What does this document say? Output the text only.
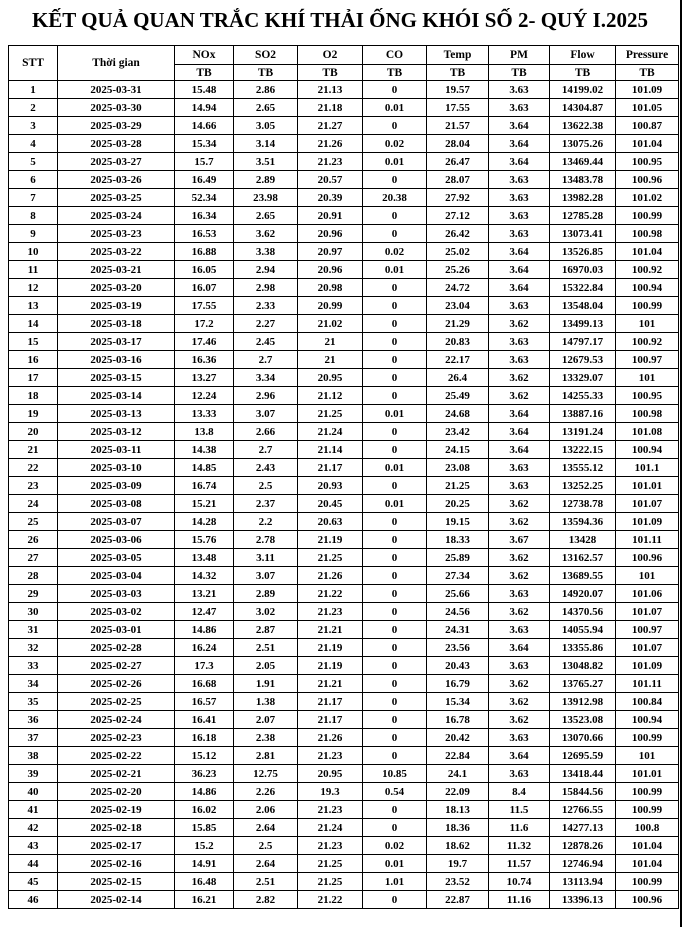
KẾT QUẢ QUAN TRẮC KHÍ THẢI ỐNG KHÓI SỐ 2- QUÝ I.2025
STT	Thời gian	NOx	SO2	O2	CO	Temp	PM	Flow	Pressure
		TB	TB	TB	TB	TB	TB	TB	TB
1	2025-03-31	15.48	2.86	21.13	0	19.57	3.63	14199.02	101.09
2	2025-03-30	14.94	2.65	21.18	0.01	17.55	3.63	14304.87	101.05
3	2025-03-29	14.66	3.05	21.27	0	21.57	3.64	13622.38	100.87
4	2025-03-28	15.34	3.14	21.26	0.02	28.04	3.64	13075.26	101.04
5	2025-03-27	15.7	3.51	21.23	0.01	26.47	3.64	13469.44	100.95
6	2025-03-26	16.49	2.89	20.57	0	28.07	3.63	13483.78	100.96
7	2025-03-25	52.34	23.98	20.39	20.38	27.92	3.63	13982.28	101.02
8	2025-03-24	16.34	2.65	20.91	0	27.12	3.63	12785.28	100.99
9	2025-03-23	16.53	3.62	20.96	0	26.42	3.63	13073.41	100.98
10	2025-03-22	16.88	3.38	20.97	0.02	25.02	3.64	13526.85	101.04
11	2025-03-21	16.05	2.94	20.96	0.01	25.26	3.64	16970.03	100.92
12	2025-03-20	16.07	2.98	20.98	0	24.72	3.64	15322.84	100.94
13	2025-03-19	17.55	2.33	20.99	0	23.04	3.63	13548.04	100.99
14	2025-03-18	17.2	2.27	21.02	0	21.29	3.62	13499.13	101
15	2025-03-17	17.46	2.45	21	0	20.83	3.63	14797.17	100.92
16	2025-03-16	16.36	2.7	21	0	22.17	3.63	12679.53	100.97
17	2025-03-15	13.27	3.34	20.95	0	26.4	3.62	13329.07	101
18	2025-03-14	12.24	2.96	21.12	0	25.49	3.62	14255.33	100.95
19	2025-03-13	13.33	3.07	21.25	0.01	24.68	3.64	13887.16	100.98
20	2025-03-12	13.8	2.66	21.24	0	23.42	3.64	13191.24	101.08
21	2025-03-11	14.38	2.7	21.14	0	24.15	3.64	13222.15	100.94
22	2025-03-10	14.85	2.43	21.17	0.01	23.08	3.63	13555.12	101.1
23	2025-03-09	16.74	2.5	20.93	0	21.25	3.63	13252.25	101.01
24	2025-03-08	15.21	2.37	20.45	0.01	20.25	3.62	12738.78	101.07
25	2025-03-07	14.28	2.2	20.63	0	19.15	3.62	13594.36	101.09
26	2025-03-06	15.76	2.78	21.19	0	18.33	3.67	13428	101.11
27	2025-03-05	13.48	3.11	21.25	0	25.89	3.62	13162.57	100.96
28	2025-03-04	14.32	3.07	21.26	0	27.34	3.62	13689.55	101
29	2025-03-03	13.21	2.89	21.22	0	25.66	3.63	14920.07	101.06
30	2025-03-02	12.47	3.02	21.23	0	24.56	3.62	14370.56	101.07
31	2025-03-01	14.86	2.87	21.21	0	24.31	3.63	14055.94	100.97
32	2025-02-28	16.24	2.51	21.19	0	23.56	3.64	13355.86	101.07
33	2025-02-27	17.3	2.05	21.19	0	20.43	3.63	13048.82	101.09
34	2025-02-26	16.68	1.91	21.21	0	16.79	3.62	13765.27	101.11
35	2025-02-25	16.57	1.38	21.17	0	15.34	3.62	13912.98	100.84
36	2025-02-24	16.41	2.07	21.17	0	16.78	3.62	13523.08	100.94
37	2025-02-23	16.18	2.38	21.26	0	20.42	3.63	13070.66	100.99
38	2025-02-22	15.12	2.81	21.23	0	22.84	3.64	12695.59	101
39	2025-02-21	36.23	12.75	20.95	10.85	24.1	3.63	13418.44	101.01
40	2025-02-20	14.86	2.26	19.3	0.54	22.09	8.4	15844.56	100.99
41	2025-02-19	16.02	2.06	21.23	0	18.13	11.5	12766.55	100.99
42	2025-02-18	15.85	2.64	21.24	0	18.36	11.6	14277.13	100.8
43	2025-02-17	15.2	2.5	21.23	0.02	18.62	11.32	12878.26	101.04
44	2025-02-16	14.91	2.64	21.25	0.01	19.7	11.57	12746.94	101.04
45	2025-02-15	16.48	2.51	21.25	1.01	23.52	10.74	13113.94	100.99
46	2025-02-14	16.21	2.82	21.22	0	22.87	11.16	13396.13	100.96
